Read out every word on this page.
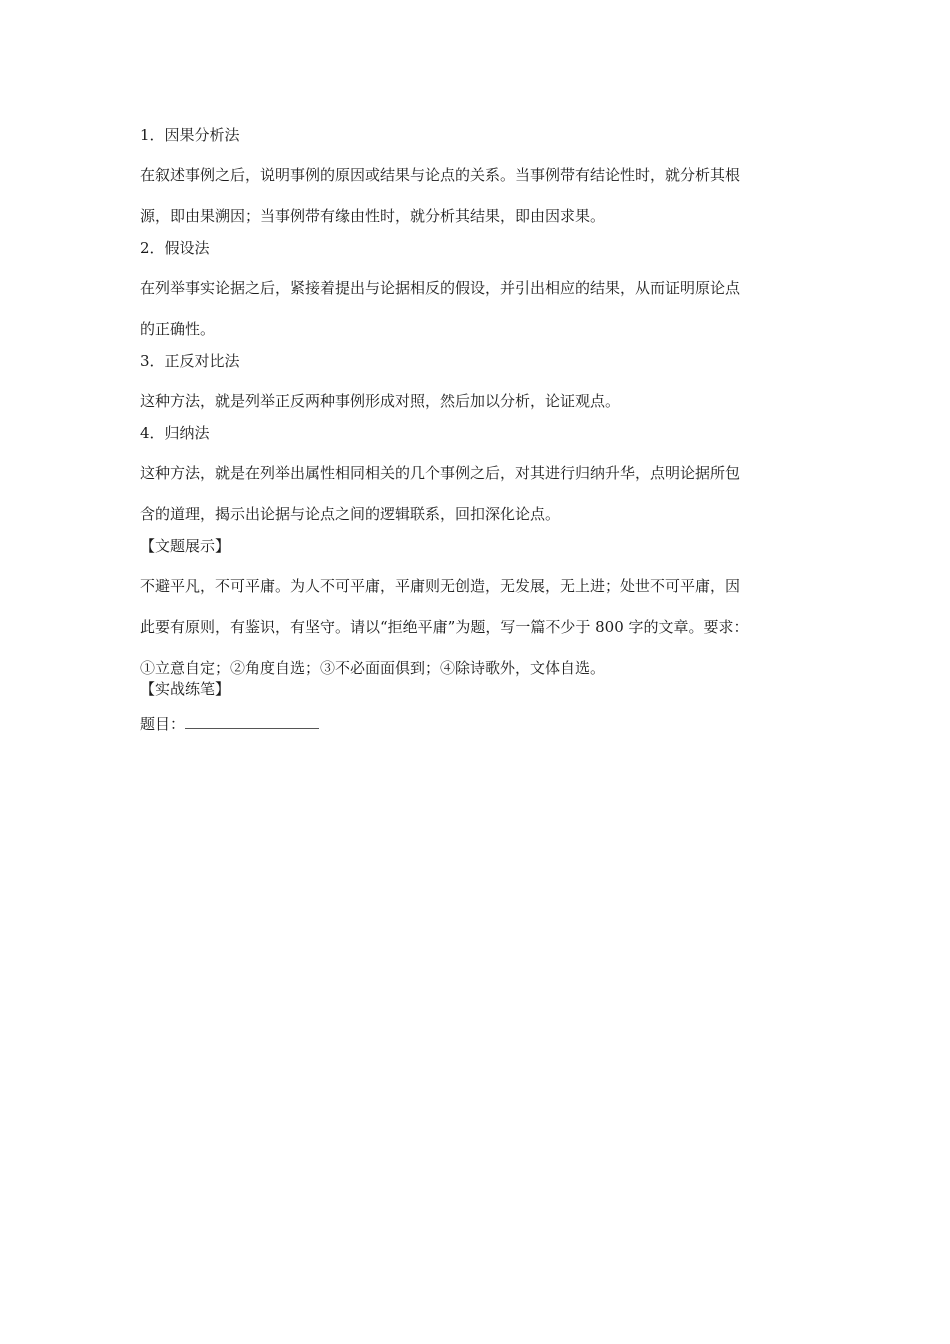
1．因果分析法
在叙述事例之后，说明事例的原因或结果与论点的关系。当事例带有结论性时，就分析其根
源，即由果溯因；当事例带有缘由性时，就分析其结果，即由因求果。
2．假设法
在列举事实论据之后，紧接着提出与论据相反的假设，并引出相应的结果，从而证明原论点
的正确性。
3．正反对比法
这种方法，就是列举正反两种事例形成对照，然后加以分析，论证观点。
4．归纳法
这种方法，就是在列举出属性相同相关的几个事例之后，对其进行归纳升华，点明论据所包
含的道理，揭示出论据与论点之间的逻辑联系，回扣深化论点。
【文题展示】
不避平凡，不可平庸。为人不可平庸，平庸则无创造，无发展，无上进；处世不可平庸，因
此要有原则，有鉴识，有坚守。请以“拒绝平庸”为题，写一篇不少于 800 字的文章。要求：
①立意自定；②角度自选；③不必面面俱到；④除诗歌外，文体自选。
【实战练笔】
题目：
